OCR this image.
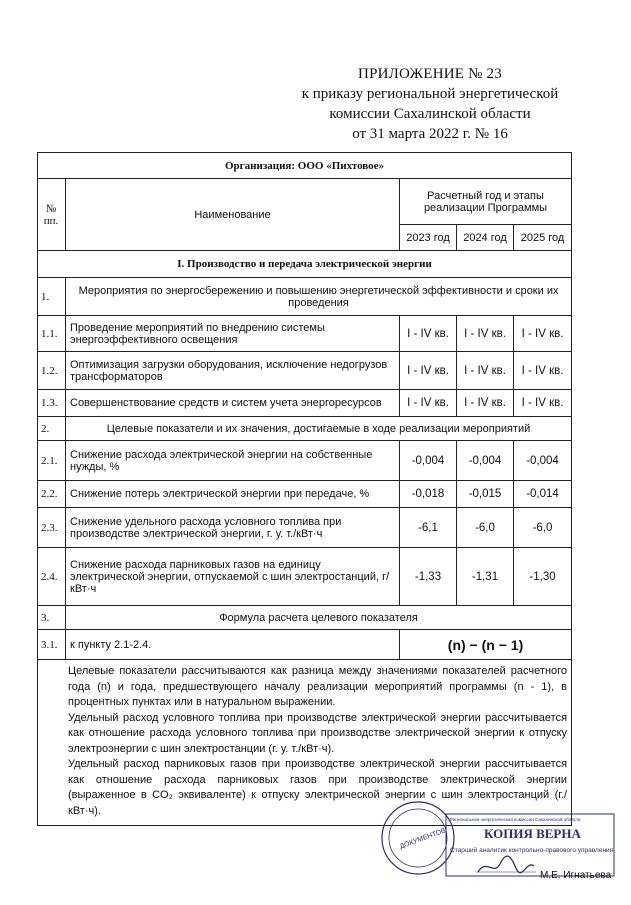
ПРИЛОЖЕНИЕ № 23
к приказу региональной энергетической
комиссии Сахалинской области
от 31 марта 2022 г. № 16
Организация: ООО «Пихтовое»				
№ пп.	Наименование	Расчетный год и этапы реализации Программы		
		2023 год	2024 год	2025 год
I. Производство и передача электрической энергии				
1.	Мероприятия по энергосбережению и повышению энергетической эффективности и сроки их проведения			
1.1.	Проведение мероприятий по внедрению системы энергоэффективного освещения	I - IV кв.	I - IV кв.	I - IV кв.
1.2.	Оптимизация загрузки оборудования, исключение недогрузов трансформаторов	I - IV кв.	I - IV кв.	I - IV кв.
1.3.	Совершенствование средств и систем учета энергоресурсов	I - IV кв.	I - IV кв.	I - IV кв.
2.	Целевые показатели и их значения, достигаемые в ходе реализации мероприятий			
2.1.	Снижение расхода электрической энергии на собственные нужды, %	-0,004	-0,004	-0,004
2.2.	Снижение потерь электрической энергии при передаче, %	-0,018	-0,015	-0,014
2.3.	Снижение удельного расхода условного топлива при производстве электрической энергии, г. у. т./кВт·ч	-6,1	-6,0	-6,0
2.4.	Снижение расхода парниковых газов на единицу электрической энергии, отпускаемой с шин электростанций, г/кВт·ч	-1,33	-1,31	-1,30
3.	Формула расчета целевого показателя			
3.1.	к пункту 2.1-2.4.	(n) − (n − 1)		

Целевые показатели рассчитываются как разница между значениями показателей расчетного года (n) и года, предшествующего началу реализации мероприятий программы (n - 1), в процентных пунктах или в натуральном выражении.

Удельный расход условного топлива при производстве электрической энергии рассчитывается как отношение расхода условного топлива при производстве электрической энергии к отпуску электроэнергии с шин электростанции (г. у. т./кВт·ч).

Удельный расход парниковых газов при производстве электрической энергии рассчитывается как отношение расхода парниковых газов при производстве электрической энергии (выраженное в CO₂ эквиваленте) к отпуску электрической энергии с шин электростанций (г./кВт·ч).				

ДОКУМЕНТОВ
Региональная энергетическая комиссия Сахалинской области
КОПИЯ ВЕРНА
Старший аналитик контрольно-правового управления
М.Е. Игнатьева
